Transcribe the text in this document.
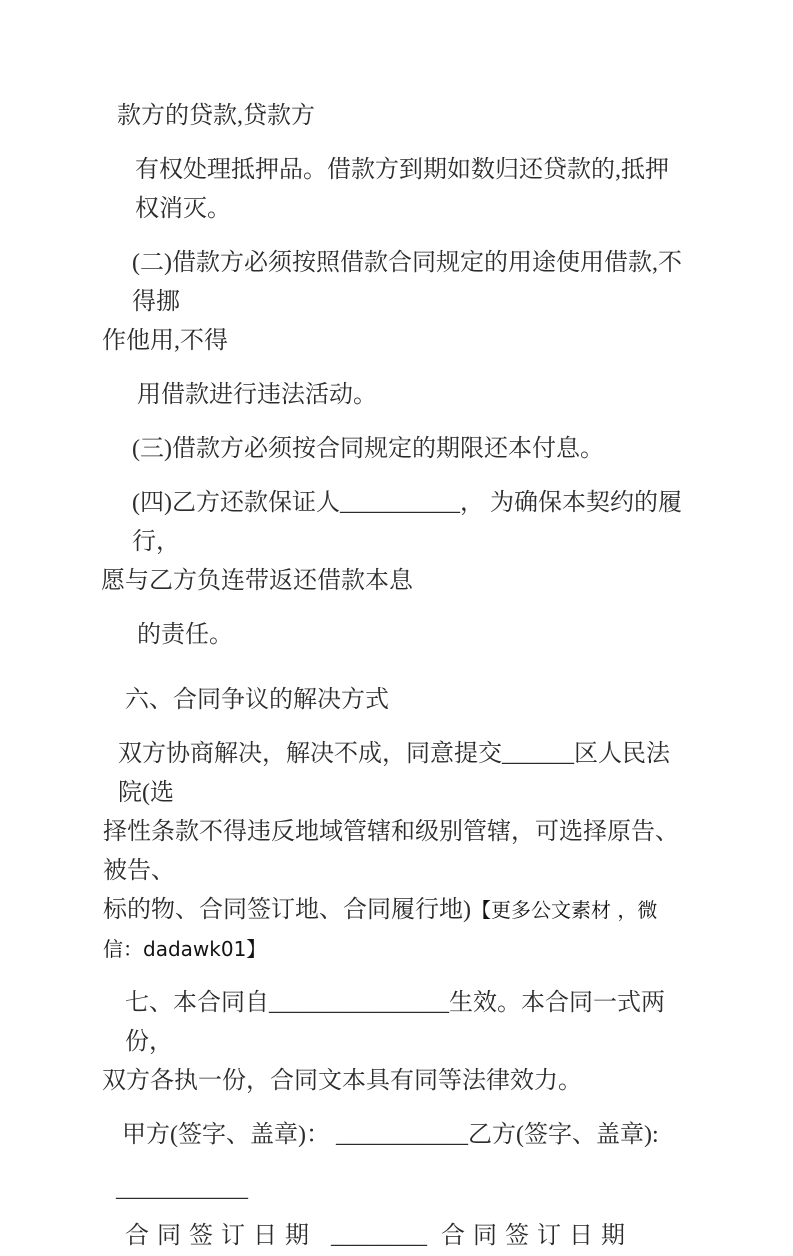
款方的贷款,贷款方
有权处理抵押品。借款方到期如数归还贷款的,抵押权消灭。
(二)借款方必须按照借款合同规定的用途使用借款,不得挪
作他用,不得
用借款进行违法活动。
(三)借款方必须按合同规定的期限还本付息。
(四)乙方还款保证人__________， 为确保本契约的履行，
愿与乙方负连带返还借款本息
的责任。
六、合同争议的解决方式
双方协商解决，解决不成，同意提交______区人民法院(选
择性条款不得违反地域管辖和级别管辖，可选择原告、被告、
标的物、合同签订地、合同履行地)【更多公文素材 ，微信：dadawk01】
七、本合同自_______________生效。本合同一式两份，
双方各执一份，合同文本具有同等法律效力。
甲方(签字、盖章)： ___________乙方(签字、盖章):
___________
合同签订日期 ________ 合同签订日期
